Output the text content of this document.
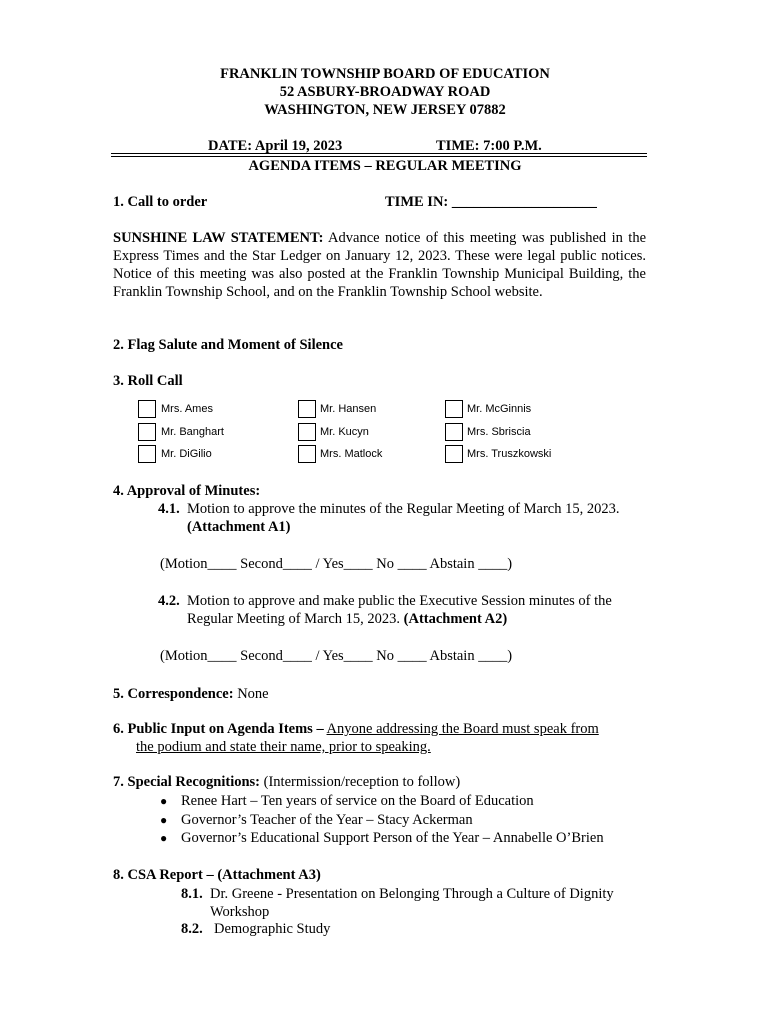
FRANKLIN TOWNSHIP BOARD OF EDUCATION
52 ASBURY-BROADWAY ROAD
WASHINGTON, NEW JERSEY 07882
DATE: April 19, 2023	TIME: 7:00 P.M.
AGENDA ITEMS – REGULAR MEETING
1. Call to order	TIME IN: ____________________
SUNSHINE LAW STATEMENT: Advance notice of this meeting was published in the Express Times and the Star Ledger on January 12, 2023. These were legal public notices. Notice of this meeting was also posted at the Franklin Township Municipal Building, the Franklin Township School, and on the Franklin Township School website.
2. Flag Salute and Moment of Silence
3. Roll Call
Mrs. Ames
Mr. Banghart
Mr. DiGilio
Mr. Hansen
Mr. Kucyn
Mrs. Matlock
Mr. McGinnis
Mrs. Sbriscia
Mrs. Truszkowski
4. Approval of Minutes:
4.1. Motion to approve the minutes of the Regular Meeting of March 15, 2023.
(Attachment A1)
(Motion____ Second____ / Yes____ No ____ Abstain ____)
4.2. Motion to approve and make public the Executive Session minutes of the
Regular Meeting of March 15, 2023. (Attachment A2)
(Motion____ Second____ / Yes____ No ____ Abstain ____)
5. Correspondence: None
6. Public Input on Agenda Items – Anyone addressing the Board must speak from
the podium and state their name, prior to speaking.
7. Special Recognitions: (Intermission/reception to follow)
● Renee Hart – Ten years of service on the Board of Education
● Governor’s Teacher of the Year – Stacy Ackerman
● Governor’s Educational Support Person of the Year – Annabelle O’Brien
8. CSA Report – (Attachment A3)
8.1. Dr. Greene - Presentation on Belonging Through a Culture of Dignity
Workshop
8.2. Demographic Study
